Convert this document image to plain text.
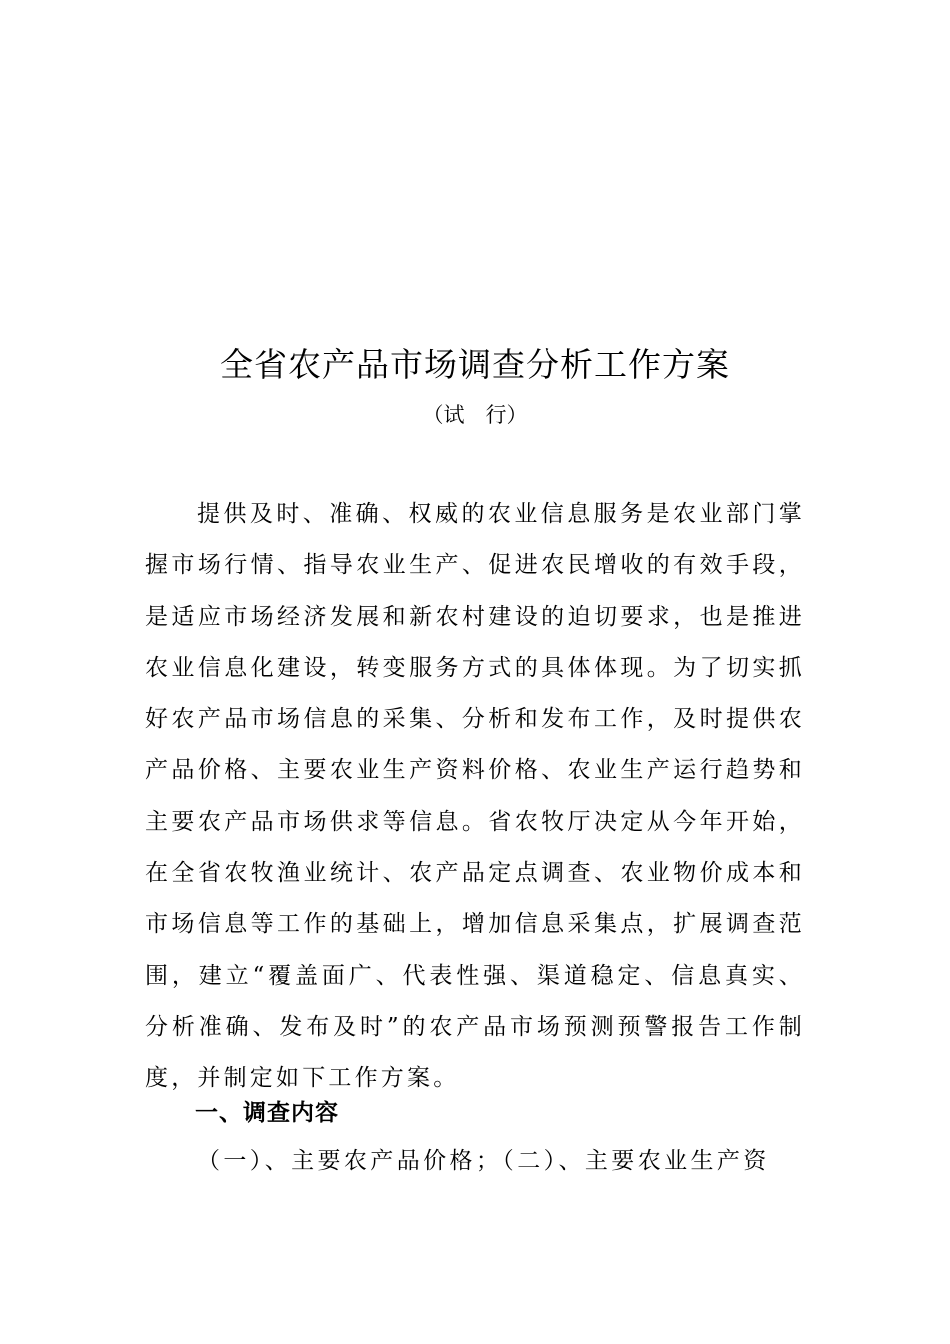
全省农产品市场调查分析工作方案
（试　行）

提供及时、准确、权威的农业信息服务是农业部门掌握市场行情、指导农业生产、促进农民增收的有效手段，是适应市场经济发展和新农村建设的迫切要求，也是推进农业信息化建设，转变服务方式的具体体现。为了切实抓好农产品市场信息的采集、分析和发布工作，及时提供农产品价格、主要农业生产资料价格、农业生产运行趋势和主要农产品市场供求等信息。省农牧厅决定从今年开始，在全省农牧渔业统计、农产品定点调查、农业物价成本和市场信息等工作的基础上，增加信息采集点，扩展调查范围，建立“覆盖面广、代表性强、渠道稳定、信息真实、分析准确、发布及时”的农产品市场预测预警报告工作制度，并制定如下工作方案。

一、调查内容

（一）、主要农产品价格；（二）、主要农业生产资
